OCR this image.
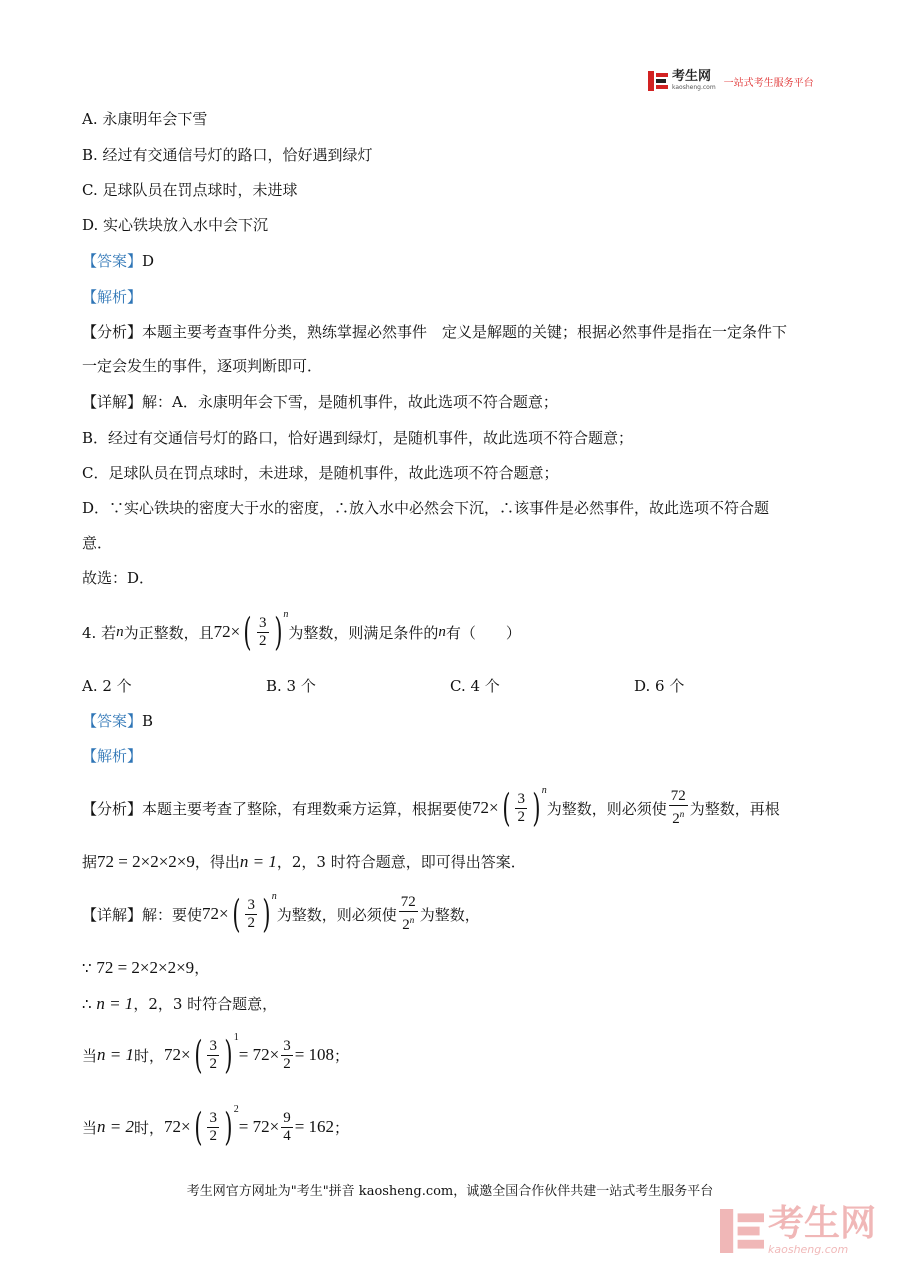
考生网
kaosheng.com 一站式考生服务平台
A. 永康明年会下雪
B. 经过有交通信号灯的路口，恰好遇到绿灯
C. 足球队员在罚点球时，未进球
D. 实心铁块放入水中会下沉
【答案】D
【解析】
【分析】本题主要考查事件分类，熟练掌握必然事件　定义是解题的关键；根据必然事件是指在一定条件下
一定会发生的事件，逐项判断即可．
【详解】解：A．永康明年会下雪，是随机事件，故此选项不符合题意；
B．经过有交通信号灯的路口，恰好遇到绿灯，是随机事件，故此选项不符合题意；
C．足球队员在罚点球时，未进球，是随机事件，故此选项不符合题意；
D．∵实心铁块的密度大于水的密度，∴放入水中必然会下沉，∴该事件是必然事件，故此选项不符合题
意．
故选：D．
4. 若 n 为正整数，且 72 × ( $\frac{3}{2}$ ) n
为整数，则满足条件的 n 有（　　）
A. 2 个	B. 3 个	C. 4 个	D. 6 个
【答案】B
【解析】
【分析】本题主要考查了整除，有理数乘方运算，根据要使 72 × ( $\frac{3}{2}$ ) n
为整数，则必须使 $\frac{72}{2^n}$ 为整数，再根
据72 = 2×2×2×9，得出n = 1，2，3 时符合题意，即可得出答案．
【详解】解：要使 72 × ( $\frac{3}{2}$ ) n
为整数，则必须使 $\frac{72}{2^n}$ 为整数，
∵ 72 = 2×2×2×9，
∴ n = 1，2，3 时符合题意，
当 n = 1 时， 72 × ( $\frac{3}{2}$ ) 1
= $72\times \frac{3}{2} = 108$ ；
当 n = 2 时， 72 × ( $\frac{3}{2}$ ) 2
= $72\times \frac{9}{4} = 162$ ；
考生网官方网址为"考生"拼音 kaosheng.com，诚邀全国合作伙伴共建一站式考生服务平台
考生网
kaosheng.com
